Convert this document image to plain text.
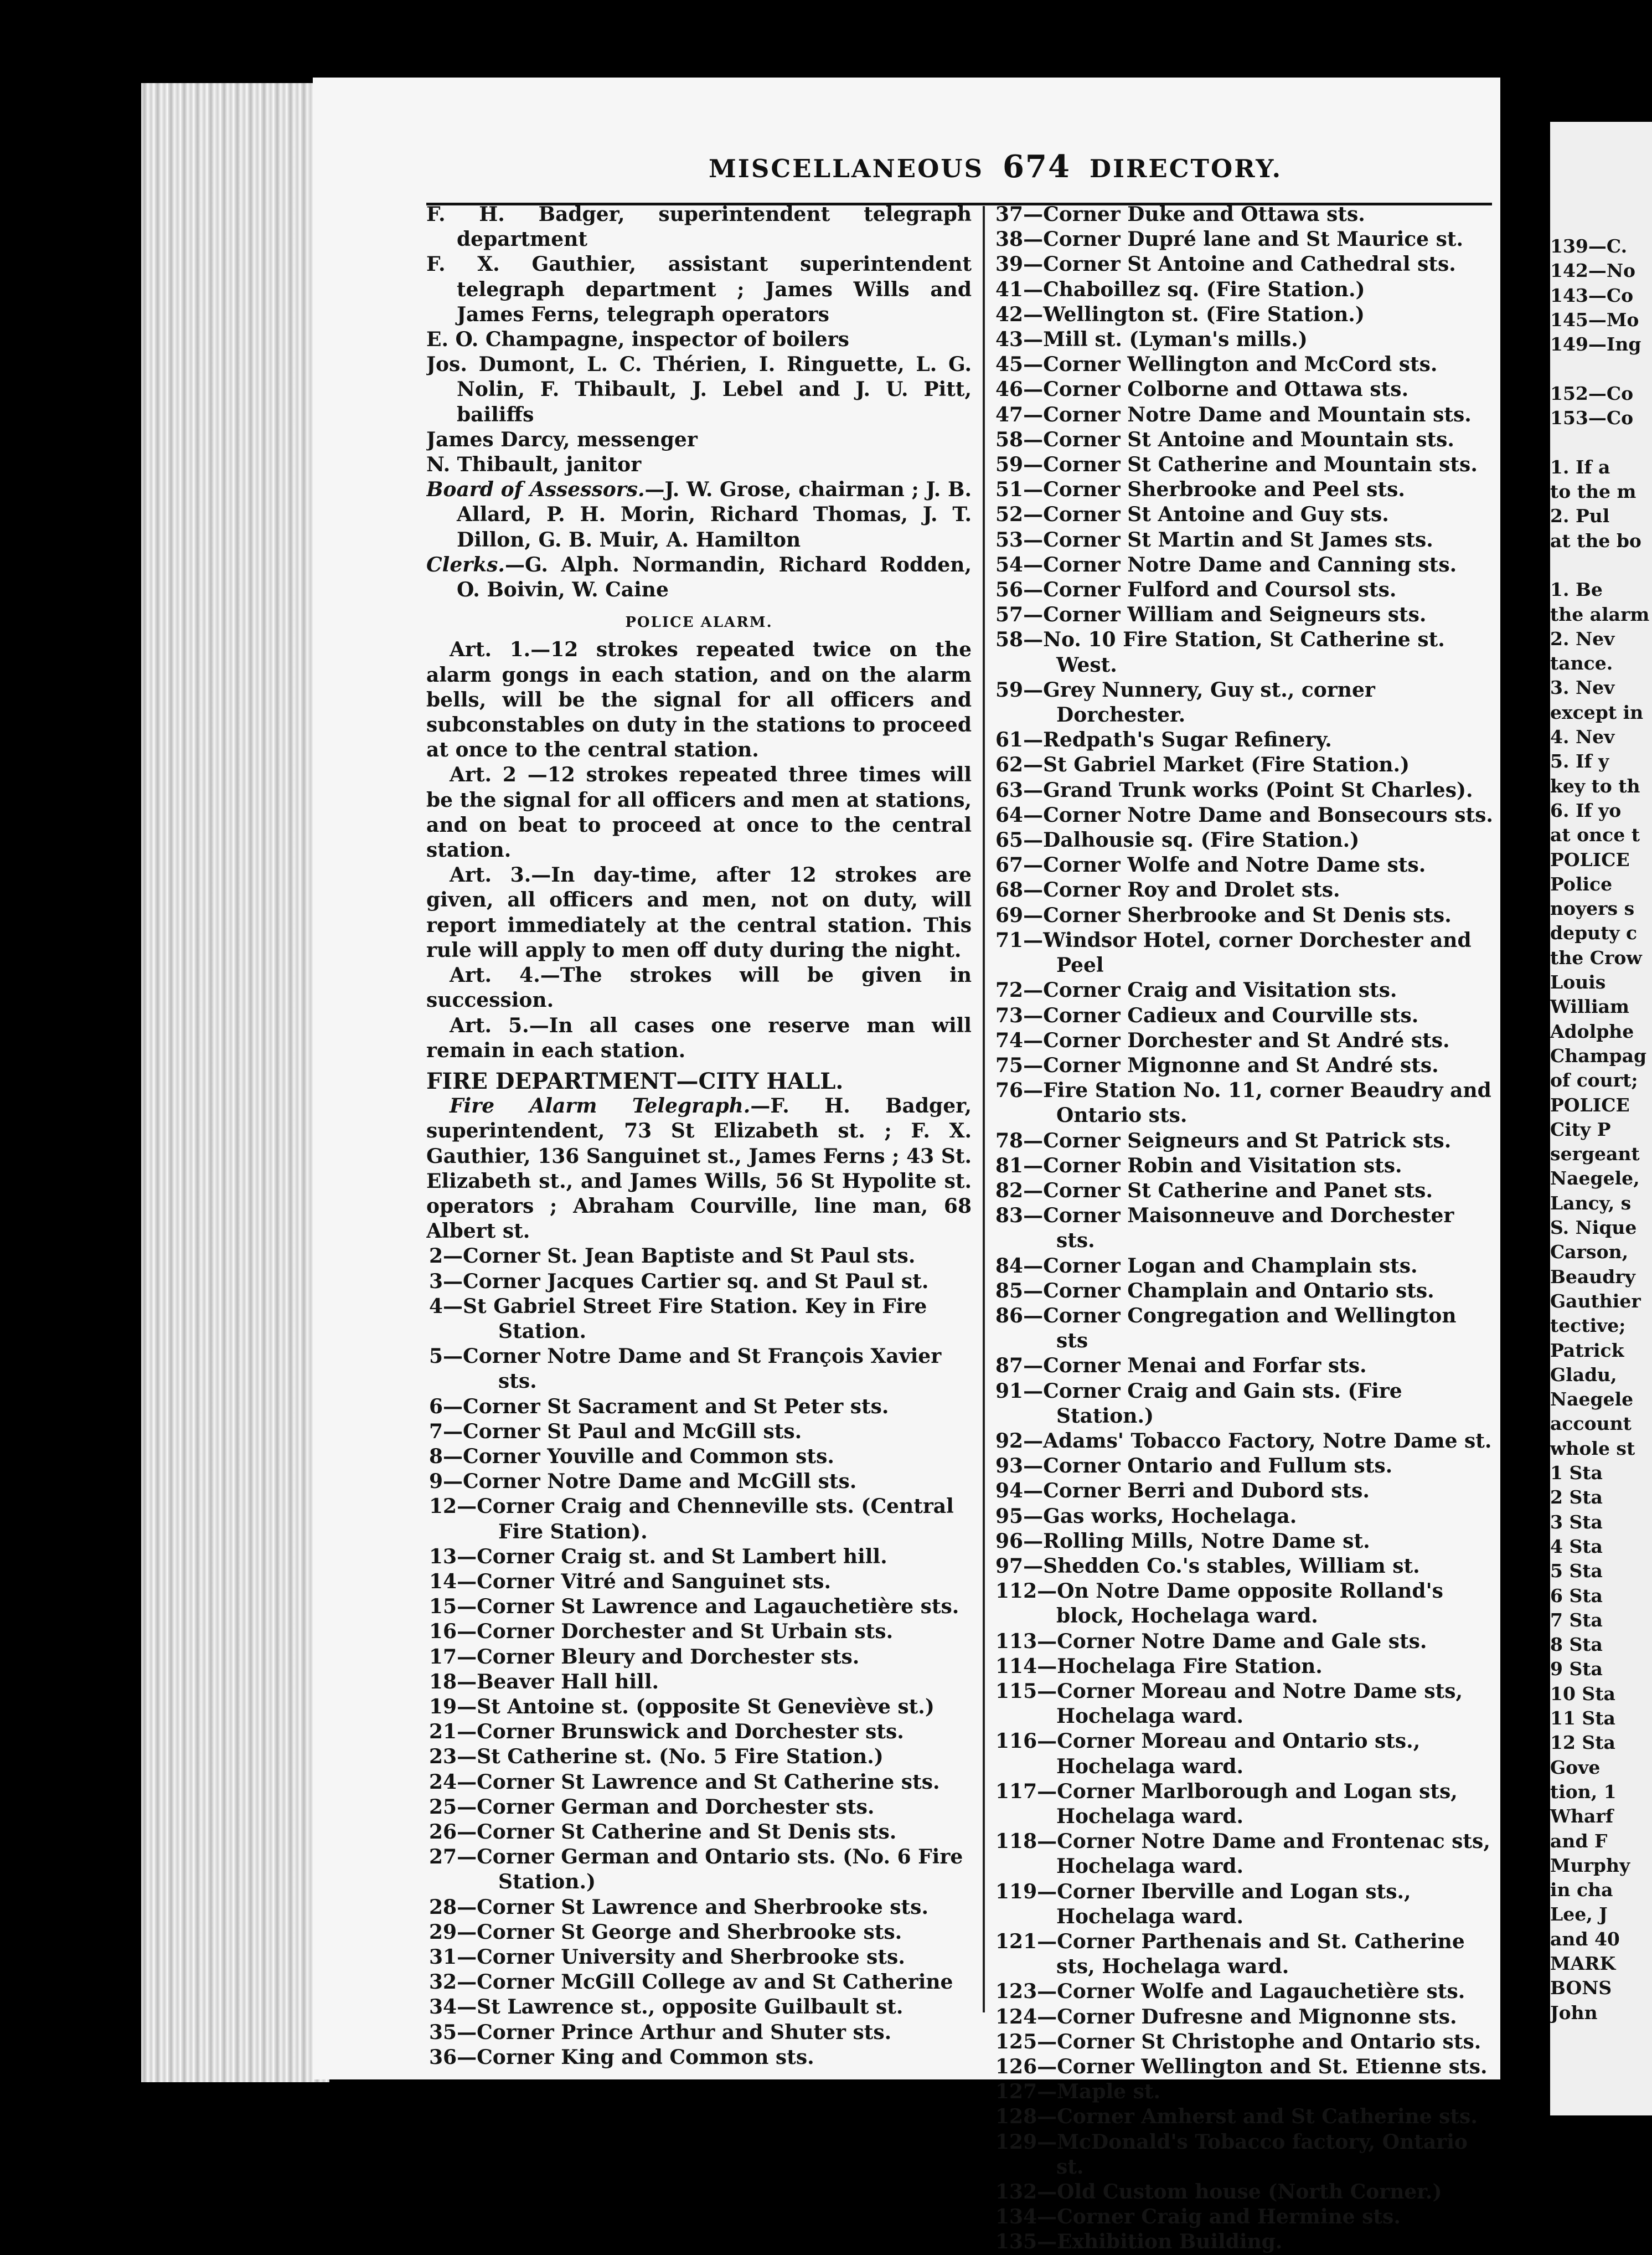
MISCELLANEOUS 674 DIRECTORY.

F. H. Badger, superintendent telegraph department

F. X. Gauthier, assistant superintendent telegraph department ; James Wills and James Ferns, telegraph operators

E. O. Champagne, inspector of boilers

Jos. Dumont, L. C. Thérien, I. Ringuette, L. G. Nolin, F. Thibault, J. Lebel and J. U. Pitt, bailiffs

James Darcy, messenger

N. Thibault, janitor

Board of Assessors.—J. W. Grose, chairman ; J. B. Allard, P. H. Morin, Richard Thomas, J. T. Dillon, G. B. Muir, A. Hamilton

Clerks.—G. Alph. Normandin, Richard Rodden, O. Boivin, W. Caine

POLICE ALARM.

Art. 1.—12 strokes repeated twice on the alarm gongs in each station, and on the alarm bells, will be the signal for all officers and subconstables on duty in the stations to proceed at once to the central station.

Art. 2 —12 strokes repeated three times will be the signal for all officers and men at stations, and on beat to proceed at once to the central station.

Art. 3.—In day-time, after 12 strokes are given, all officers and men, not on duty, will report immediately at the central station. This rule will apply to men off duty during the night.

Art. 4.—The strokes will be given in succession.

Art. 5.—In all cases one reserve man will remain in each station.

FIRE DEPARTMENT—CITY HALL.

Fire Alarm Telegraph.—F. H. Badger, superintendent, 73 St Elizabeth st. ; F. X. Gauthier, 136 Sanguinet st., James Ferns ; 43 St. Elizabeth st., and James Wills, 56 St Hypolite st. operators ; Abraham Courville, line man, 68 Albert st.

2—Corner St. Jean Baptiste and St Paul sts.

3—Corner Jacques Cartier sq. and St Paul st.

4—St Gabriel Street Fire Station. Key in Fire Station.

5—Corner Notre Dame and St François Xavier sts.

6—Corner St Sacrament and St Peter sts.

7—Corner St Paul and McGill sts.

8—Corner Youville and Common sts.

9—Corner Notre Dame and McGill sts.

12—Corner Craig and Chenneville sts. (Central Fire Station).

13—Corner Craig st. and St Lambert hill.

14—Corner Vitré and Sanguinet sts.

15—Corner St Lawrence and Lagauchetière sts.

16—Corner Dorchester and St Urbain sts.

17—Corner Bleury and Dorchester sts.

18—Beaver Hall hill.

19—St Antoine st. (opposite St Geneviève st.)

21—Corner Brunswick and Dorchester sts.

23—St Catherine st. (No. 5 Fire Station.)

24—Corner St Lawrence and St Catherine sts.

25—Corner German and Dorchester sts.

26—Corner St Catherine and St Denis sts.

27—Corner German and Ontario sts. (No. 6 Fire Station.)

28—Corner St Lawrence and Sherbrooke sts.

29—Corner St George and Sherbrooke sts.

31—Corner University and Sherbrooke sts.

32—Corner McGill College av and St Catherine

34—St Lawrence st., opposite Guilbault st.

35—Corner Prince Arthur and Shuter sts.

36—Corner King and Common sts.

37—Corner Duke and Ottawa sts.

38—Corner Dupré lane and St Maurice st.

39—Corner St Antoine and Cathedral sts.

41—Chaboillez sq. (Fire Station.)

42—Wellington st. (Fire Station.)

43—Mill st. (Lyman's mills.)

45—Corner Wellington and McCord sts.

46—Corner Colborne and Ottawa sts.

47—Corner Notre Dame and Mountain sts.

58—Corner St Antoine and Mountain sts.

59—Corner St Catherine and Mountain sts.

51—Corner Sherbrooke and Peel sts.

52—Corner St Antoine and Guy sts.

53—Corner St Martin and St James sts.

54—Corner Notre Dame and Canning sts.

56—Corner Fulford and Coursol sts.

57—Corner William and Seigneurs sts.

58—No. 10 Fire Station, St Catherine st. West.

59—Grey Nunnery, Guy st., corner Dorchester.

61—Redpath's Sugar Refinery.

62—St Gabriel Market (Fire Station.)

63—Grand Trunk works (Point St Charles).

64—Corner Notre Dame and Bonsecours sts.

65—Dalhousie sq. (Fire Station.)

67—Corner Wolfe and Notre Dame sts.

68—Corner Roy and Drolet sts.

69—Corner Sherbrooke and St Denis sts.

71—Windsor Hotel, corner Dorchester and Peel

72—Corner Craig and Visitation sts.

73—Corner Cadieux and Courville sts.

74—Corner Dorchester and St André sts.

75—Corner Mignonne and St André sts.

76—Fire Station No. 11, corner Beaudry and Ontario sts.

78—Corner Seigneurs and St Patrick sts.

81—Corner Robin and Visitation sts.

82—Corner St Catherine and Panet sts.

83—Corner Maisonneuve and Dorchester sts.

84—Corner Logan and Champlain sts.

85—Corner Champlain and Ontario sts.

86—Corner Congregation and Wellington sts

87—Corner Menai and Forfar sts.

91—Corner Craig and Gain sts. (Fire Station.)

92—Adams' Tobacco Factory, Notre Dame st.

93—Corner Ontario and Fullum sts.

94—Corner Berri and Dubord sts.

95—Gas works, Hochelaga.

96—Rolling Mills, Notre Dame st.

97—Shedden Co.'s stables, William st.

112—On Notre Dame opposite Rolland's block, Hochelaga ward.

113—Corner Notre Dame and Gale sts.

114—Hochelaga Fire Station.

115—Corner Moreau and Notre Dame sts, Hochelaga ward.

116—Corner Moreau and Ontario sts., Hochelaga ward.

117—Corner Marlborough and Logan sts, Hochelaga ward.

118—Corner Notre Dame and Frontenac sts, Hochelaga ward.

119—Corner Iberville and Logan sts., Hochelaga ward.

121—Corner Parthenais and St. Catherine sts, Hochelaga ward.

123—Corner Wolfe and Lagauchetière sts.

124—Corner Dufresne and Mignonne sts.

125—Corner St Christophe and Ontario sts.

126—Corner Wellington and St. Etienne sts.

127—Maple st.

128—Corner Amherst and St Catherine sts.

129—McDonald's Tobacco factory, Ontario st.

132—Old Custom house (North Corner.)

134—Corner Craig and Hermine sts.

135—Exhibition Building.

139—C.
142—No
143—Co
145—Mo
149—Ing
152—Co
153—Co
1. If a
to the m
2. Pul
at the bo
1. Be
the alarm
2. Nev
tance.
3. Nev
except in
4. Nev
5. If y
key to th
6. If yo
at once t
POLICE
Police
noyers s
deputy c
the Crow
Louis
William
Adolphe
Champag
of court;
POLICE
City P
sergeant
Naegele,
Lancy, s
S. Nique
Carson,
Beaudry
Gauthier
tective;
Patrick
Gladu,
Naegele
account
whole st
1 Sta
2 Sta
3 Sta
4 Sta
5 Sta
6 Sta
7 Sta
8 Sta
9 Sta
10 Sta
11 Sta
12 Sta
Gove
tion, 1
Wharf
and F
Murphy
in cha
Lee, J
and 40
MARK
BONS
John
